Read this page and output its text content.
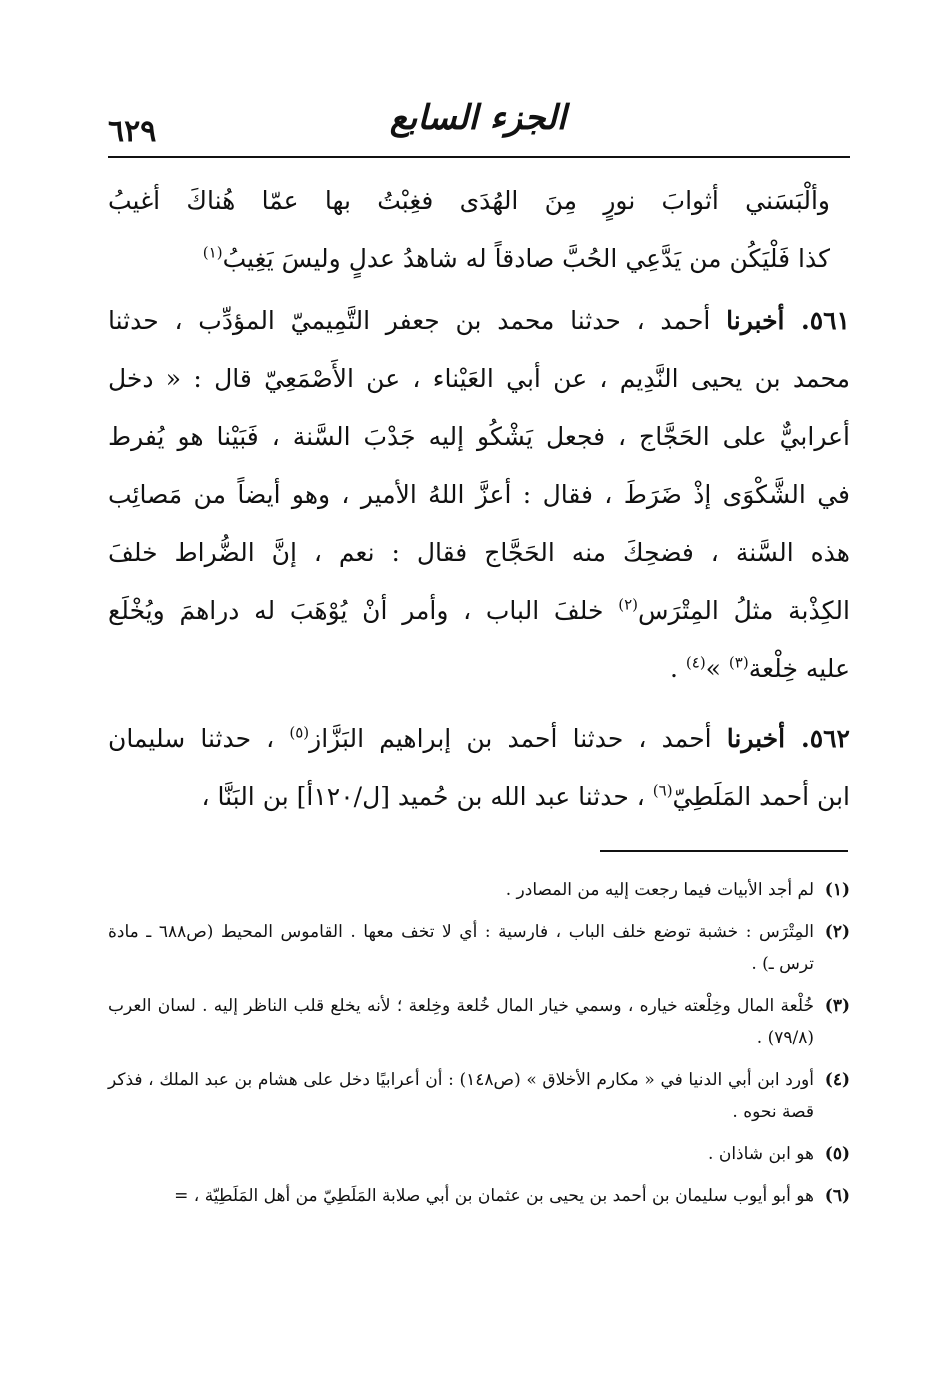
٦٢٩	الجزء السابع
وألْبَسَني أثوابَ نورٍ مِنَ الهُدَى فغِبْتُ بها عمّا هُناكَ أغيبُ
كذا فَلْيَكُن من يَدَّعِي الحُبَّ صادقاً له شاهدُ عدلٍ وليسَ يَغِيبُ$^{(١)}$
٥٦١. أخبرنا أحمد ، حدثنا محمد بن جعفر التَّمِيميّ المؤدِّب ، حدثنا
محمد بن يحيى النَّدِيم ، عن أبي العَيْناء ، عن الأَصْمَعِيّ قال : « دخل
أعرابيٌّ على الحَجَّاج ، فجعل يَشْكُو إليه جَدْبَ السَّنة ، فَبَيْنا هو يُفرط
في الشَّكْوَى إذْ ضَرَطَ ، فقال : أعزَّ اللهُ الأمير ، وهو أيضاً من مَصائِب
هذه السَّنة ، فضحِكَ منه الحَجَّاج فقال : نعم ، إنَّ الضُّراط خلفَ
الكِذْبة مثلُ المِتْرَس$^{(٢)}$ خلفَ الباب ، وأمر أنْ يُوْهَبَ له دراهمَ ويُخْلَع
عليه خِلْعة$^{(٣)}$ »$^{(٤)}$ .
٥٦٢. أخبرنا أحمد ، حدثنا أحمد بن إبراهيم البَزَّاز$^{(٥)}$ ، حدثنا سليمان
ابن أحمد المَلَطِيّ$^{(٦)}$ ، حدثنا عبد الله بن حُميد [ل/١٢٠أ] بن البَنَّا ،
(١)
لم أجد الأبيات فيما رجعت إليه من المصادر .
(٢)
المِتْرَس : خشبة توضع خلف الباب ، فارسية : أي لا تخف معها . القاموس المحيط (ص٦٨٨ ـ مادة ترس ـ) .
(٣)
خُلْعة المال وخِلْعته خياره ، وسمي خيار المال خُلعة وخِلعة ؛ لأنه يخلع قلب الناظر إليه . لسان العرب (٧٩/٨) .
(٤)
أورد ابن أبي الدنيا في « مكارم الأخلاق » (ص١٤٨) : أن أعرابيًا دخل على هشام بن عبد الملك ، فذكر قصة نحوه .
(٥)
هو ابن شاذان .
(٦)
هو أبو أيوب سليمان بن أحمد بن يحيى بن عثمان بن أبي صلابة المَلَطِيّ من أهل المَلَطِيّة ، =
